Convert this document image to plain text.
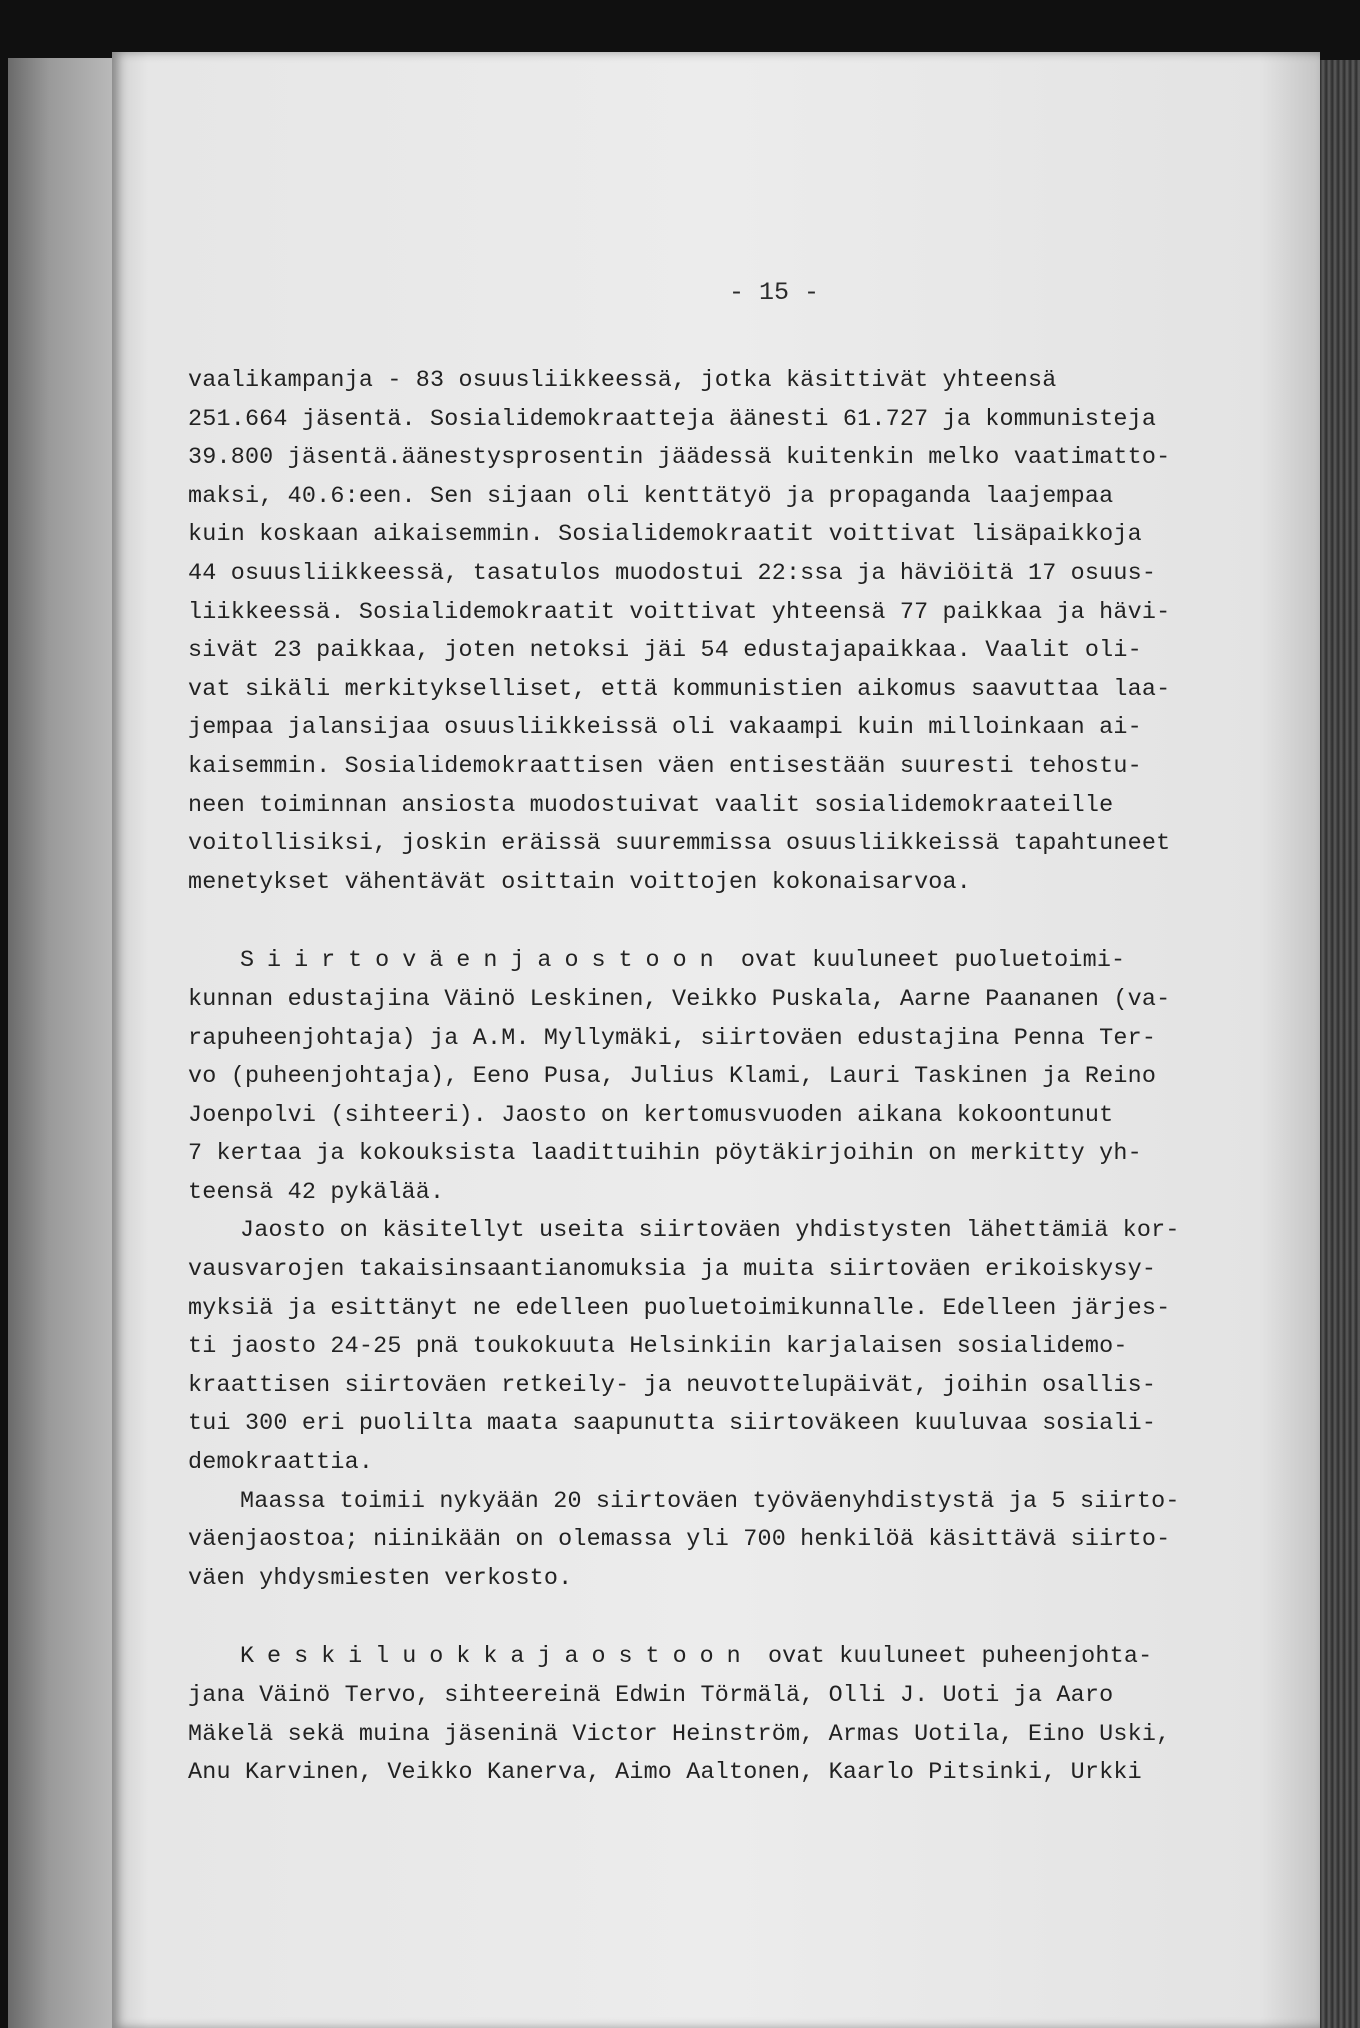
- 15 -

vaalikampanja - 83 osuusliikkeessä, jotka käsittivät yhteensä
251.664 jäsentä. Sosialidemokraatteja äänesti 61.727 ja kommunisteja
39.800 jäsentä.äänestysprosentin jäädessä kuitenkin melko vaatimatto-
maksi, 40.6:een. Sen sijaan oli kenttätyö ja propaganda laajempaa
kuin koskaan aikaisemmin. Sosialidemokraatit voittivat lisäpaikkoja
44 osuusliikkeessä, tasatulos muodostui 22:ssa ja häviöitä 17 osuus-
liikkeessä. Sosialidemokraatit voittivat yhteensä 77 paikkaa ja hävi-
sivät 23 paikkaa, joten netoksi jäi 54 edustajapaikkaa. Vaalit oli-
vat sikäli merkitykselliset, että kommunistien aikomus saavuttaa laa-
jempaa jalansijaa osuusliikkeissä oli vakaampi kuin milloinkaan ai-
kaisemmin. Sosialidemokraattisen väen entisestään suuresti tehostu-
neen toiminnan ansiosta muodostuivat vaalit sosialidemokraateille
voitollisiksi, joskin eräissä suuremmissa osuusliikkeissä tapahtuneet
menetykset vähentävät osittain voittojen kokonaisarvoa.

Siirtoväenjaostoon ovat kuuluneet puoluetoimi-
kunnan edustajina Väinö Leskinen, Veikko Puskala, Aarne Paananen (va-
rapuheenjohtaja) ja A.M. Myllymäki, siirtoväen edustajina Penna Ter-
vo (puheenjohtaja), Eeno Pusa, Julius Klami, Lauri Taskinen ja Reino
Joenpolvi (sihteeri). Jaosto on kertomusvuoden aikana kokoontunut
7 kertaa ja kokouksista laadittuihin pöytäkirjoihin on merkitty yh-
teensä 42 pykälää.

Jaosto on käsitellyt useita siirtoväen yhdistysten lähettämiä kor-
vausvarojen takaisinsaantianomuksia ja muita siirtoväen erikoiskysy-
myksiä ja esittänyt ne edelleen puoluetoimikunnalle. Edelleen järjes-
ti jaosto 24-25 pnä toukokuuta Helsinkiin karjalaisen sosialidemo-
kraattisen siirtoväen retkeily- ja neuvottelupäivät, joihin osallis-
tui 300 eri puolilta maata saapunutta siirtoväkeen kuuluvaa sosiali-
demokraattia.

Maassa toimii nykyään 20 siirtoväen työväenyhdistystä ja 5 siirto-
väenjaostoa; niinikään on olemassa yli 700 henkilöä käsittävä siirto-
väen yhdysmiesten verkosto.

Keskiluokkajaostoon ovat kuuluneet puheenjohta-
jana Väinö Tervo, sihteereinä Edwin Törmälä, Olli J. Uoti ja Aaro
Mäkelä sekä muina jäseninä Victor Heinström, Armas Uotila, Eino Uski,
Anu Karvinen, Veikko Kanerva, Aimo Aaltonen, Kaarlo Pitsinki, Urkki
